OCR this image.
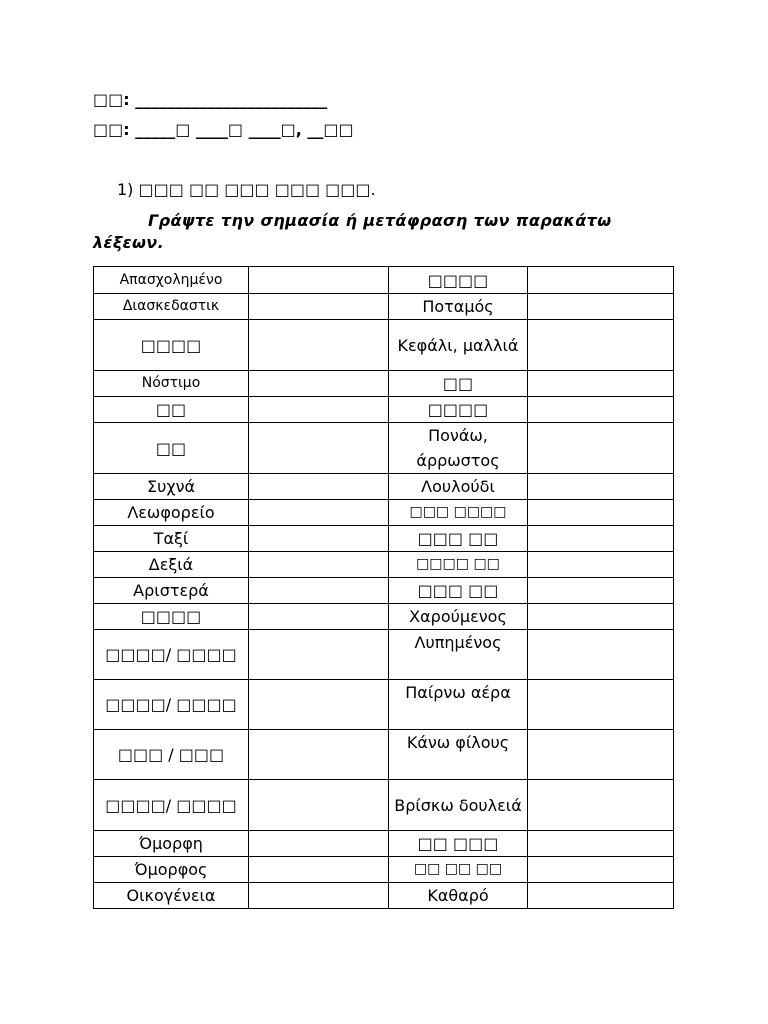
□□: ________________________
□□: _____□ ____□ ____□, __□□
1) □□□ □□ □□□ □□□ □□□.
Γράψτε την σημασία ή μετάφραση των παρακάτω λέξεων.
Απασχολημένο		□□□□	
Διασκεδαστικ		Ποταμός	
□□□□		Κεφάλι, μαλλιά	
Νόστιμο		□□	
□□		□□□□	
□□		Πονάω, άρρωστος	
Συχνά		Λουλούδι	
Λεωφορείο		□□□ □□□□	
Ταξί		□□□ □□	
Δεξιά		□□□□ □□	
Αριστερά		□□□ □□	
□□□□		Χαρούμενος	
□□□□/ □□□□		Λυπημένος	
□□□□/ □□□□		Παίρνω αέρα	
□□□ / □□□		Κάνω φίλους	
□□□□/ □□□□		Βρίσκω δουλειά	
Όμορφη		□□ □□□	
Όμορφος		□□ □□ □□	
Οικογένεια		Καθαρό	
